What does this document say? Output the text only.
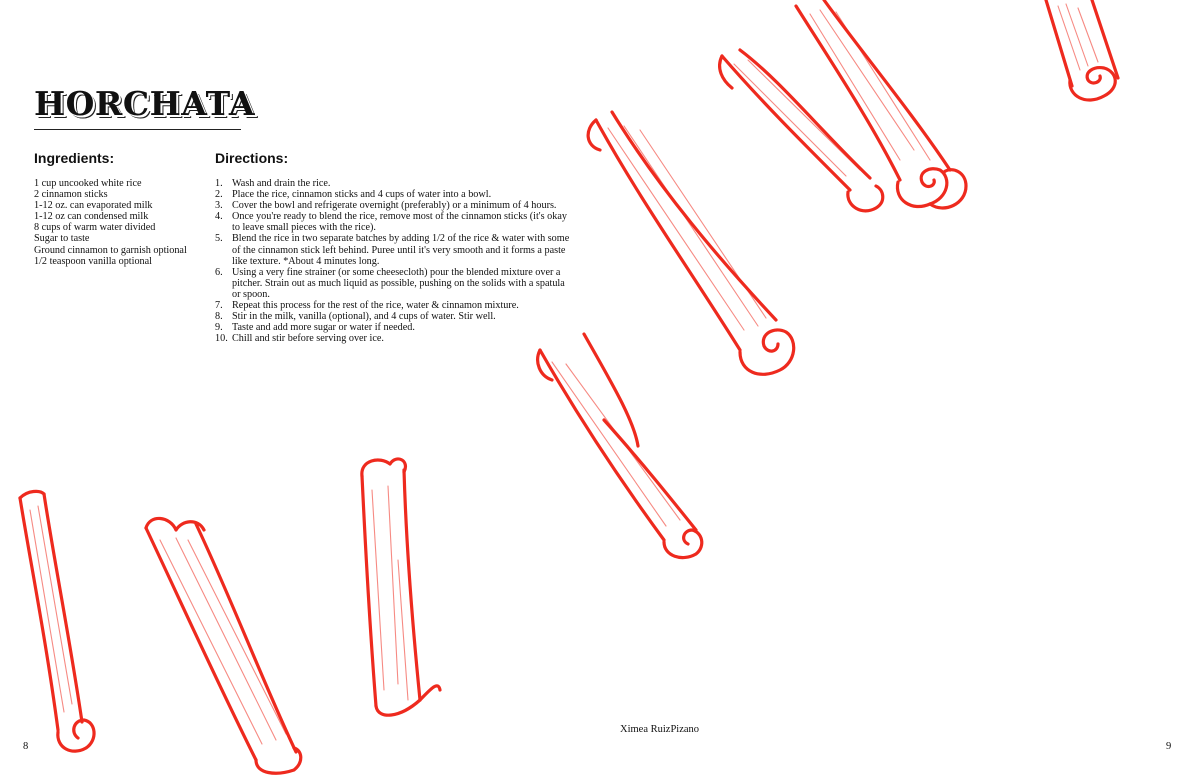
HORCHATA
Ingredients:	Directions:
1 cup uncooked white rice
2 cinnamon sticks
1-12 oz. can evaporated milk
1-12 oz can condensed milk
8 cups of warm water divided
Sugar to taste
Ground cinnamon to garnish optional
1/2 teaspoon vanilla optional
1. Wash and drain the rice.
2. Place the rice, cinnamon sticks and 4 cups of water into a bowl.
3. Cover the bowl and refrigerate overnight (preferably) or a minimum of 4 hours.
4. Once you're ready to blend the rice, remove most of the cinnamon sticks (it's okay to leave small pieces with the rice).
5. Blend the rice in two separate batches by adding 1/2 of the rice & water with some of the cinnamon stick left behind. Puree until it's very smooth and it forms a paste like texture. *About 4 minutes long.
6. Using a very fine strainer (or some cheesecloth) pour the blended mixture over a pitcher. Strain out as much liquid as possible, pushing on the solids with a spatula or spoon.
7. Repeat this process for the rest of the rice, water & cinnamon mixture.
8. Stir in the milk, vanilla (optional), and 4 cups of water. Stir well.
9. Taste and add more sugar or water if needed.
10. Chill and stir before serving over ice.
Ximea RuizPizano
8	9
